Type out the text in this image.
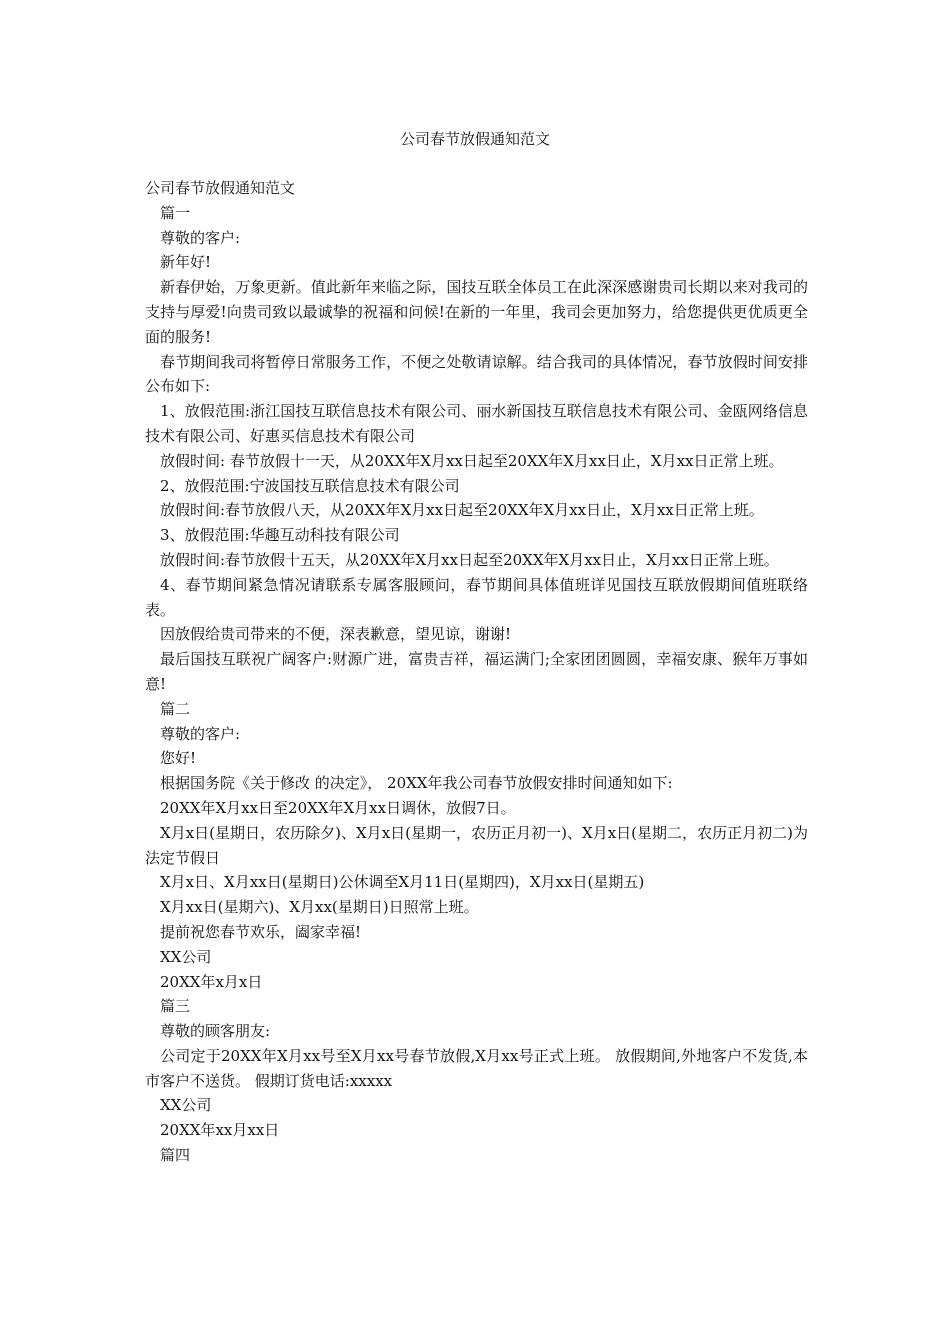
公司春节放假通知范文

公司春节放假通知范文

篇一

尊敬的客户:

新年好!

新春伊始，万象更新。值此新年来临之际，国技互联全体员工在此深深感谢贵司长期以来对我司的支持与厚爱!向贵司致以最诚挚的祝福和问候!在新的一年里，我司会更加努力，给您提供更优质更全面的服务!

春节期间我司将暂停日常服务工作，不便之处敬请谅解。结合我司的具体情况，春节放假时间安排公布如下:

1、放假范围:浙江国技互联信息技术有限公司、丽水新国技互联信息技术有限公司、金瓯网络信息技术有限公司、好惠买信息技术有限公司

放假时间: 春节放假十一天，从20XX年X月xx日起至20XX年X月xx日止，X月xx日正常上班。

2、放假范围:宁波国技互联信息技术有限公司

放假时间:春节放假八天，从20XX年X月xx日起至20XX年X月xx日止，X月xx日正常上班。

3、放假范围:华趣互动科技有限公司

放假时间:春节放假十五天，从20XX年X月xx日起至20XX年X月xx日止，X月xx日正常上班。

4、春节期间紧急情况请联系专属客服顾问，春节期间具体值班详见国技互联放假期间值班联络表。

因放假给贵司带来的不便，深表歉意，望见谅，谢谢!

最后国技互联祝广阔客户:财源广进，富贵吉祥，福运满门;全家团团圆圆，幸福安康、猴年万事如意!

篇二

尊敬的客户:

您好!

根据国务院《关于修改 的决定》， 20XX年我公司春节放假安排时间通知如下:

20XX年X月xx日至20XX年X月xx日调休，放假7日。

X月x日(星期日，农历除夕)、X月x日(星期一，农历正月初一)、X月x日(星期二，农历正月初二)为法定节假日

X月x日、X月xx日(星期日)公休调至X月11日(星期四)，X月xx日(星期五)

X月xx日(星期六)、X月xx(星期日)日照常上班。

提前祝您春节欢乐，阖家幸福!

XX公司

20XX年x月x日

篇三

尊敬的顾客朋友:

公司定于20XX年X月xx号至X月xx号春节放假,X月xx号正式上班。 放假期间,外地客户不发货,本市客户不送货。 假期订货电话:xxxxx

XX公司

20XX年xx月xx日

篇四
